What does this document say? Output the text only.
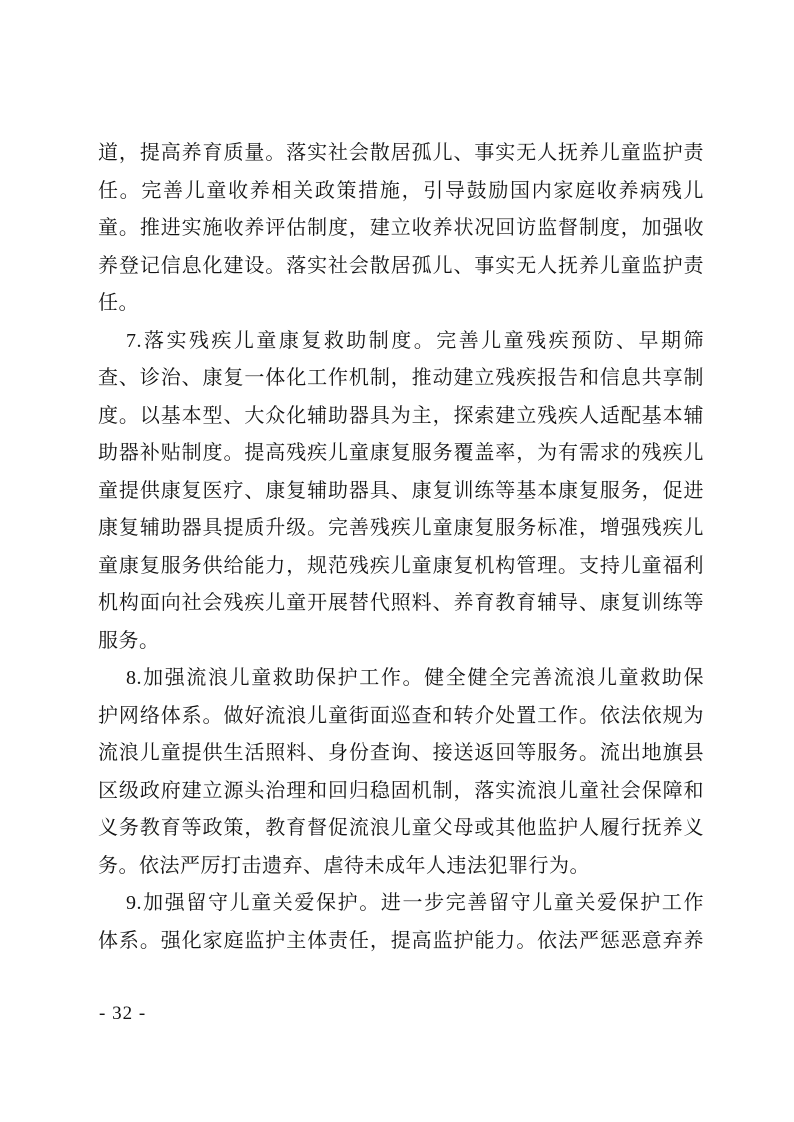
道，提高养育质量。落实社会散居孤儿、事实无人抚养儿童监护责
任。完善儿童收养相关政策措施，引导鼓励国内家庭收养病残儿
童。推进实施收养评估制度，建立收养状况回访监督制度，加强收
养登记信息化建设。落实社会散居孤儿、事实无人抚养儿童监护责
任。
7.落实残疾儿童康复救助制度。完善儿童残疾预防、早期筛
查、诊治、康复一体化工作机制，推动建立残疾报告和信息共享制
度。以基本型、大众化辅助器具为主，探索建立残疾人适配基本辅
助器补贴制度。提高残疾儿童康复服务覆盖率，为有需求的残疾儿
童提供康复医疗、康复辅助器具、康复训练等基本康复服务，促进
康复辅助器具提质升级。完善残疾儿童康复服务标准，增强残疾儿
童康复服务供给能力，规范残疾儿童康复机构管理。支持儿童福利
机构面向社会残疾儿童开展替代照料、养育教育辅导、康复训练等
服务。
8.加强流浪儿童救助保护工作。健全健全完善流浪儿童救助保
护网络体系。做好流浪儿童街面巡查和转介处置工作。依法依规为
流浪儿童提供生活照料、身份查询、接送返回等服务。流出地旗县
区级政府建立源头治理和回归稳固机制，落实流浪儿童社会保障和
义务教育等政策，教育督促流浪儿童父母或其他监护人履行抚养义
务。依法严厉打击遗弃、虐待未成年人违法犯罪行为。
9.加强留守儿童关爱保护。进一步完善留守儿童关爱保护工作
体系。强化家庭监护主体责任，提高监护能力。依法严惩恶意弃养
- 32 -
